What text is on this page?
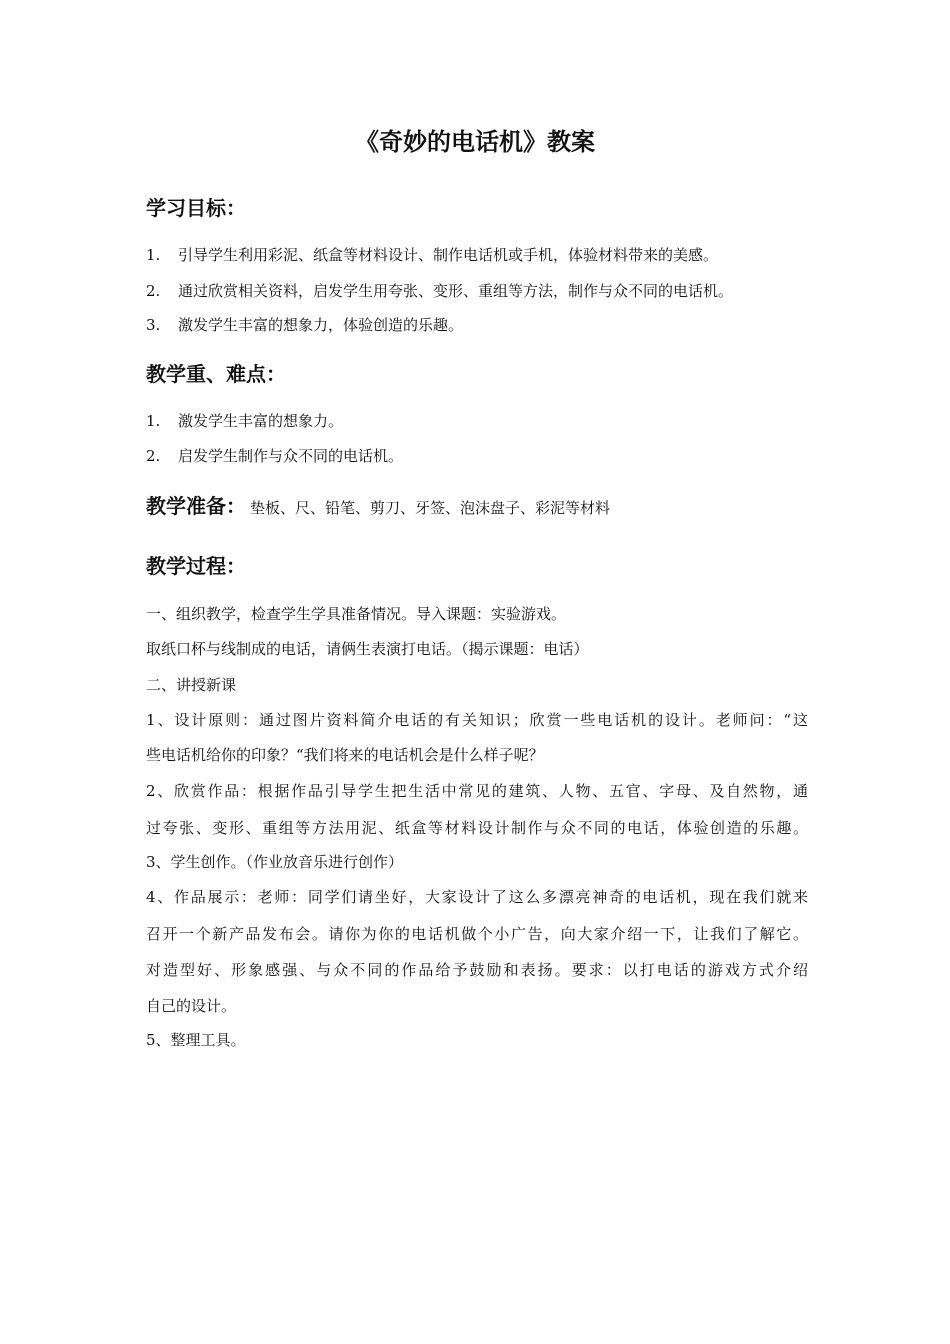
《奇妙的电话机》教案
学习目标：
1. 引导学生利用彩泥、纸盒等材料设计、制作电话机或手机，体验材料带来的美感。
2. 通过欣赏相关资料，启发学生用夸张、变形、重组等方法，制作与众不同的电话机。
3. 激发学生丰富的想象力，体验创造的乐趣。
教学重、难点：
1. 激发学生丰富的想象力。
2. 启发学生制作与众不同的电话机。
教学准备： 垫板、尺、铅笔、剪刀、牙签、泡沫盘子、彩泥等材料
教学过程：
一、组织教学，检查学生学具准备情况。导入课题：实验游戏。
取纸口杯与线制成的电话，请俩生表演打电话。（揭示课题：电话）
二、讲授新课
1、设计原则：通过图片资料简介电话的有关知识；欣赏一些电话机的设计。老师问：“这
些电话机给你的印象？“我们将来的电话机会是什么样子呢？
2、欣赏作品：根据作品引导学生把生活中常见的建筑、人物、五官、字母、及自然物，通
过夸张、变形、重组等方法用泥、纸盒等材料设计制作与众不同的电话，体验创造的乐趣。
3、学生创作。（作业放音乐进行创作）
4、作品展示：老师：同学们请坐好，大家设计了这么多漂亮神奇的电话机，现在我们就来
召开一个新产品发布会。请你为你的电话机做个小广告，向大家介绍一下，让我们了解它。
对造型好、形象感强、与众不同的作品给予鼓励和表扬。要求：以打电话的游戏方式介绍
自己的设计。
5、整理工具。
